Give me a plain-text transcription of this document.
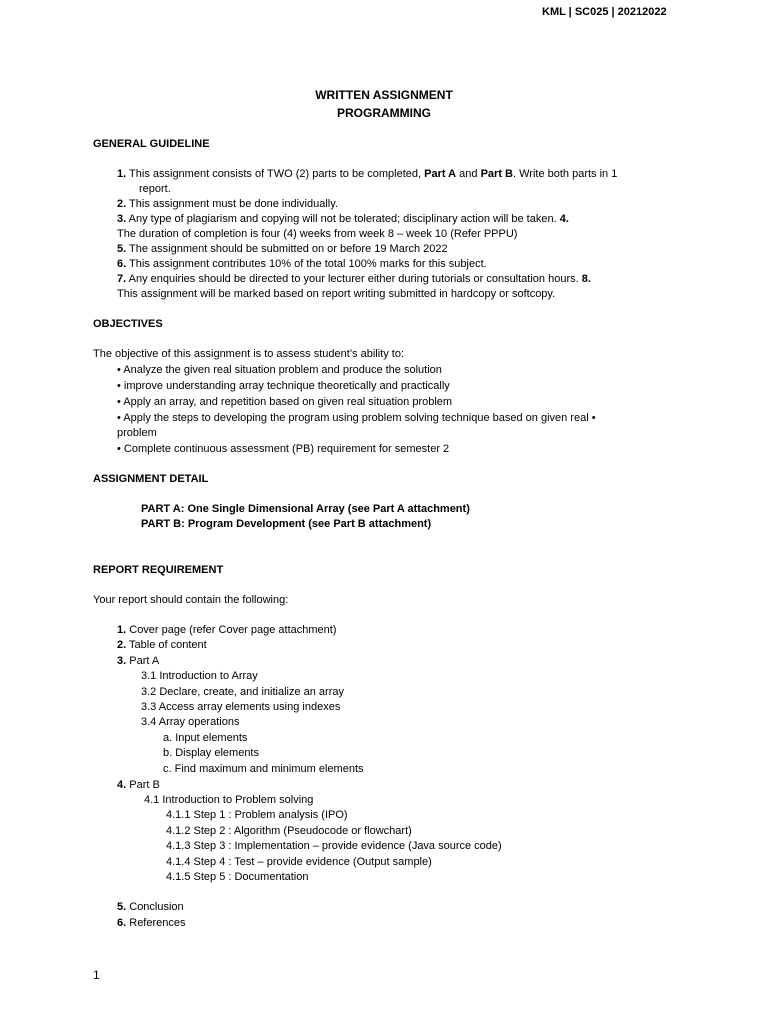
KML | SC025 | 20212022
WRITTEN ASSIGNMENT
PROGRAMMING
GENERAL GUIDELINE
1. This assignment consists of TWO (2) parts to be completed, Part A and Part B. Write both parts in 1
report.
2. This assignment must be done individually.
3. Any type of plagiarism and copying will not be tolerated; disciplinary action will be taken. 4.
The duration of completion is four (4) weeks from week 8 – week 10 (Refer PPPU)
5. The assignment should be submitted on or before 19 March 2022
6. This assignment contributes 10% of the total 100% marks for this subject.
7. Any enquiries should be directed to your lecturer either during tutorials or consultation hours. 8.
This assignment will be marked based on report writing submitted in hardcopy or softcopy.
OBJECTIVES
The objective of this assignment is to assess student’s ability to:
• Analyze the given real situation problem and produce the solution
• improve understanding array technique theoretically and practically
• Apply an array, and repetition based on given real situation problem
• Apply the steps to developing the program using problem solving technique based on given real •
problem
• Complete continuous assessment (PB) requirement for semester 2
ASSIGNMENT DETAIL
PART A: One Single Dimensional Array (see Part A attachment)
PART B: Program Development (see Part B attachment)
REPORT REQUIREMENT
Your report should contain the following:
1. Cover page (refer Cover page attachment)
2. Table of content
3. Part A
3.1 Introduction to Array
3.2 Declare, create, and initialize an array
3.3 Access array elements using indexes
3.4 Array operations
a. Input elements
b. Display elements
c. Find maximum and minimum elements
4. Part B
4.1 Introduction to Problem solving
4.1.1 Step 1 : Problem analysis (IPO)
4.1.2 Step 2 : Algorithm (Pseudocode or flowchart)
4.1.3 Step 3 : Implementation – provide evidence (Java source code)
4.1.4 Step 4 : Test – provide evidence (Output sample)
4.1.5 Step 5 : Documentation
5. Conclusion
6. References
1
